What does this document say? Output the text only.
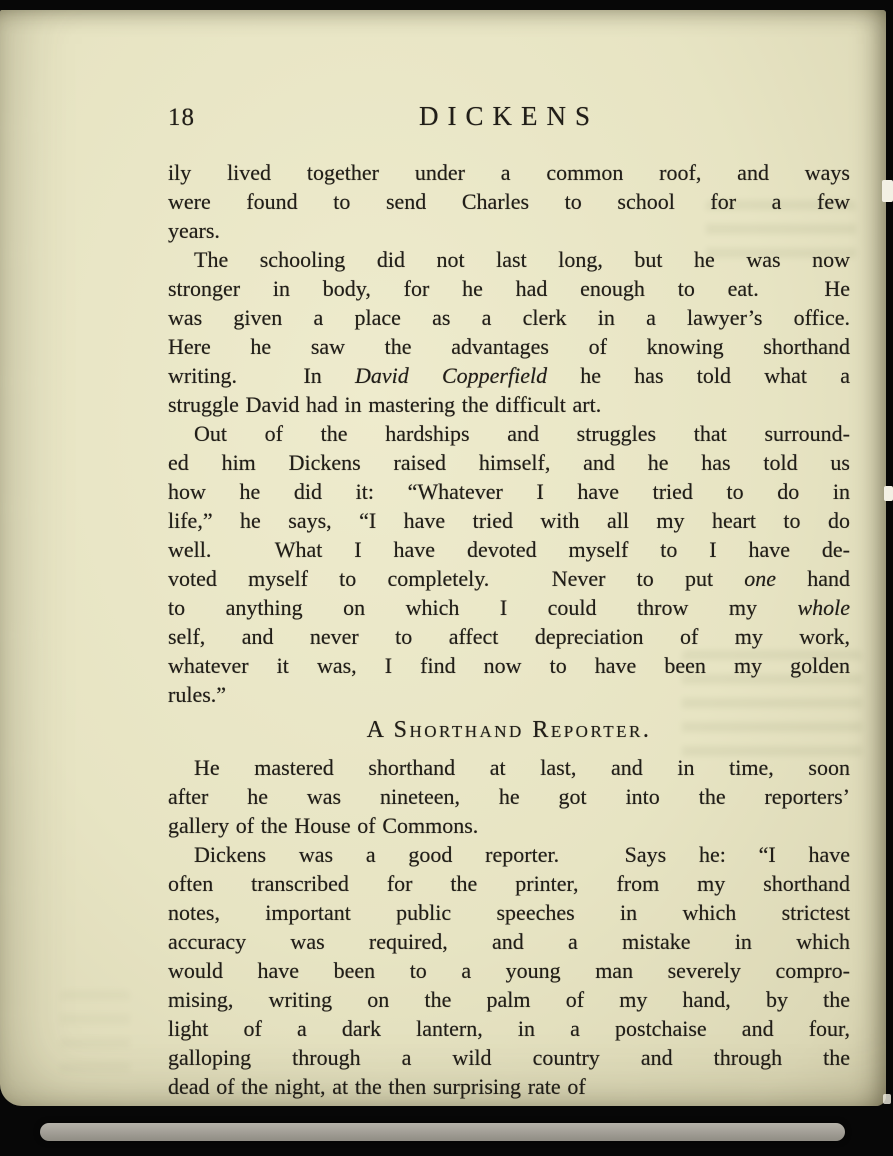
18	DICKENS
ily lived together under a common roof, and ways
were found to send Charles to school for a few
years.
The schooling did not last long, but he was now
stronger in body, for he had enough to eat.  He
was given a place as a clerk in a lawyer’s office.
Here he saw the advantages of knowing shorthand
writing.  In David Copperfield he has told what a
struggle David had in mastering the difficult art.
Out of the hardships and struggles that surround-
ed him Dickens raised himself, and he has told us
how he did it: “Whatever I have tried to do in
life,” he says, “I have tried with all my heart to do
well.  What I have devoted myself to I have de-
voted myself to completely.  Never to put one hand
to anything on which I could throw my whole
self, and never to affect depreciation of my work,
whatever it was, I find now to have been my golden
rules.”
A Shorthand Reporter.
He mastered shorthand at last, and in time, soon
after he was nineteen, he got into the reporters’
gallery of the House of Commons.
Dickens was a good reporter.  Says he: “I have
often transcribed for the printer, from my shorthand
notes, important public speeches in which strictest
accuracy was required, and a mistake in which
would have been to a young man severely compro-
mising, writing on the palm of my hand, by the
light of a dark lantern, in a postchaise and four,
galloping through a wild country and through the
dead of the night, at the then surprising rate of
